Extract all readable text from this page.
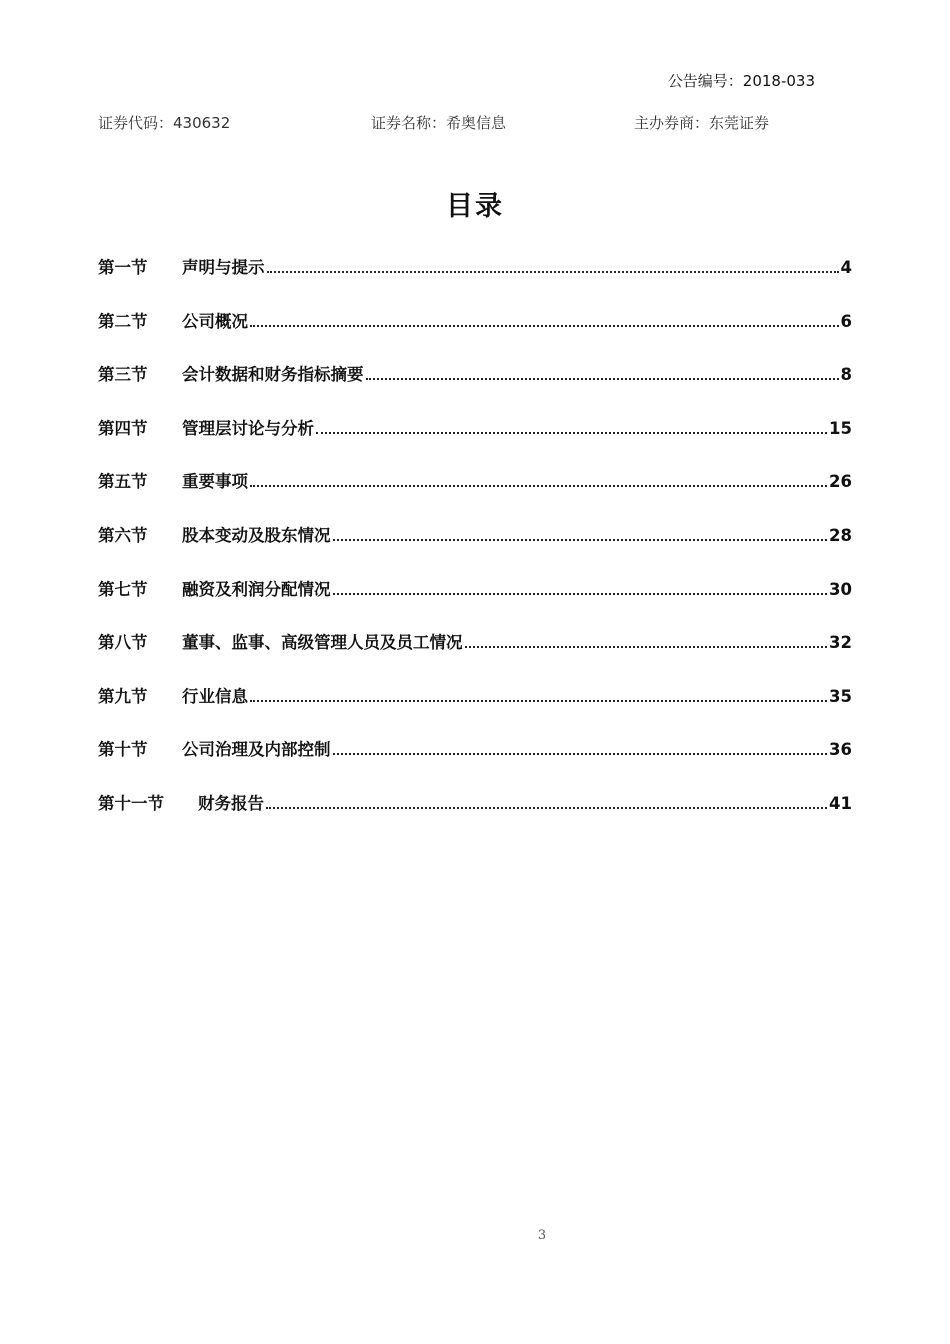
公告编号：2018-033
证券代码：430632	证券名称：希奥信息	主办券商：东莞证券
目录
第一节	声明与提示	4
第二节	公司概况	6
第三节	会计数据和财务指标摘要	8
第四节	管理层讨论与分析	15
第五节	重要事项	26
第六节	股本变动及股东情况	28
第七节	融资及利润分配情况	30
第八节	董事、监事、高级管理人员及员工情况	32
第九节	行业信息	35
第十节	公司治理及内部控制	36
第十一节	财务报告	41
3
